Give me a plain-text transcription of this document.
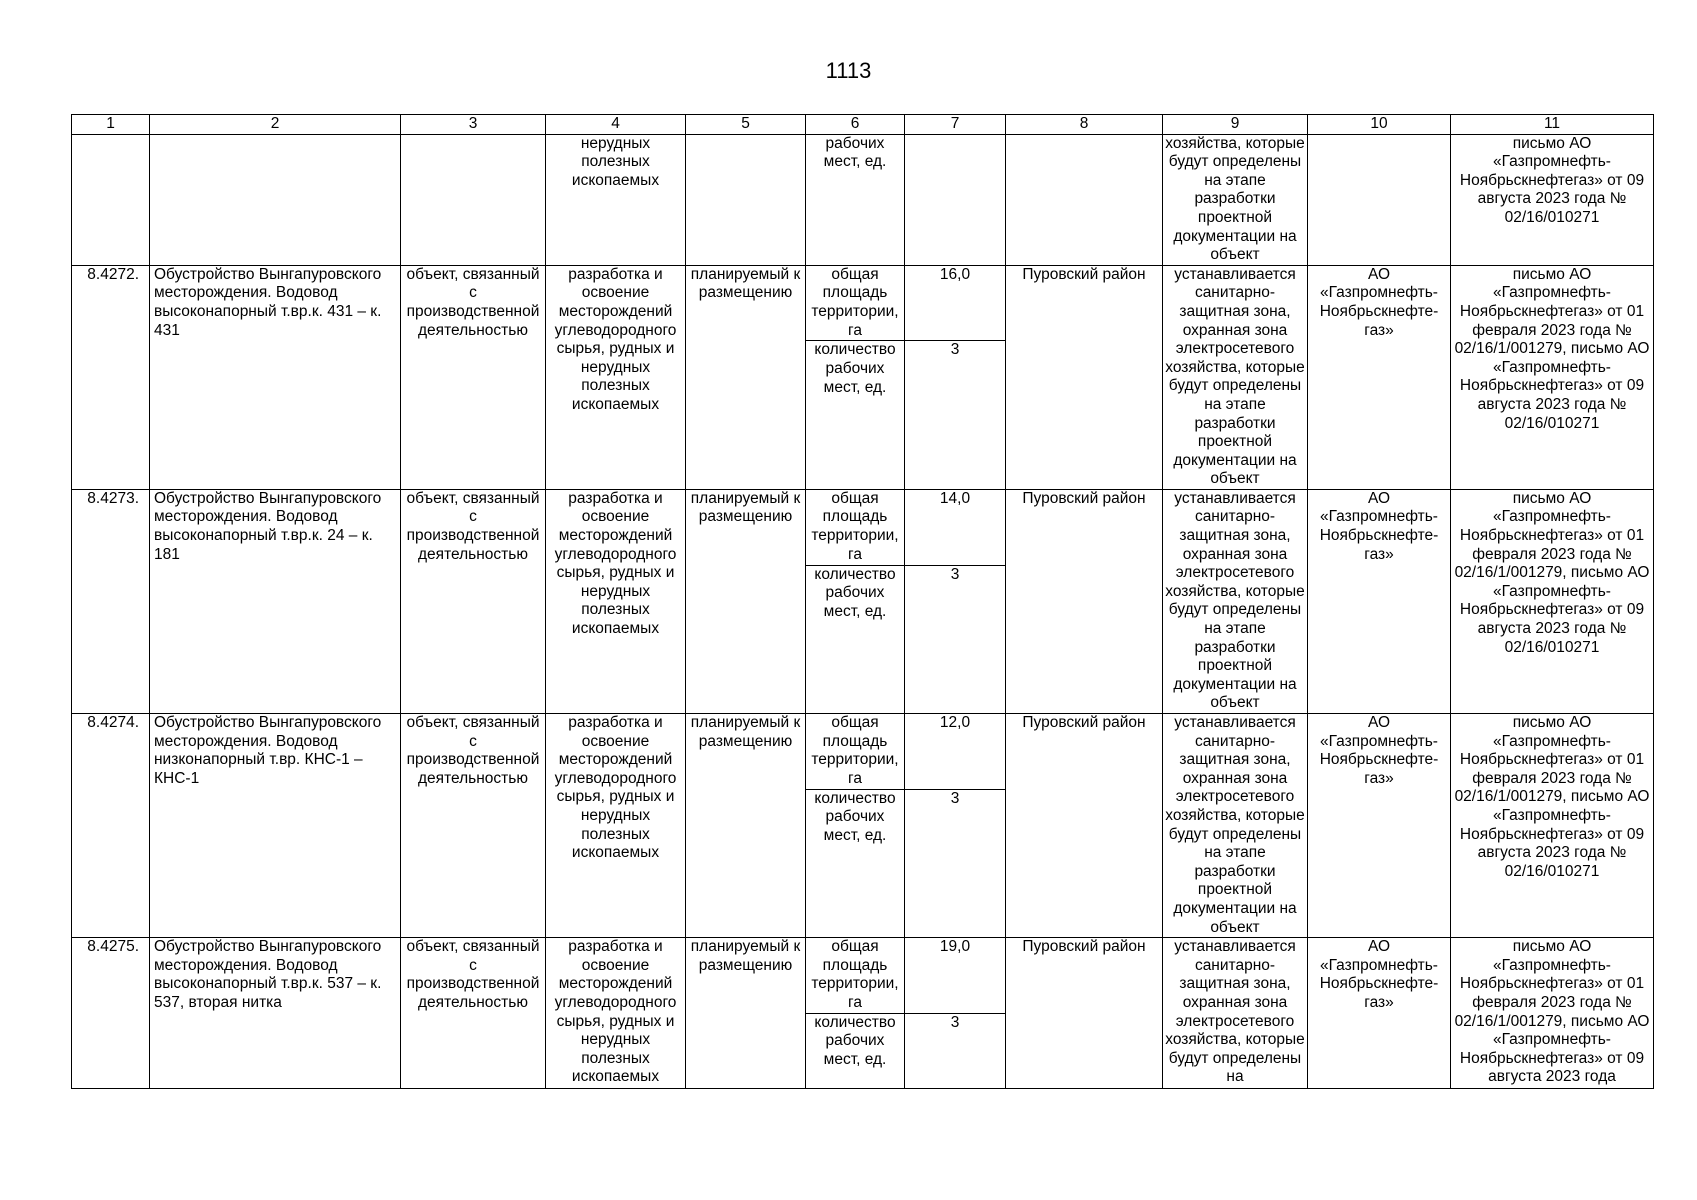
1113
1	2	3	4	5	6	7	8	9	10	11
			нерудных полезных ископаемых		рабочих мест, ед.			хозяйства, которые будут определены на этапе разработки проектной документации на объект		письмо АО «Газпромнефть-Ноябрьскнефтегаз» от 09 августа 2023 года № 02/16/010271
8.4272.	Обустройство Вынгапуровского месторождения. Водовод высоконапорный т.вр.к. 431 – к. 431	объект, связанный с производственной деятельностью	разработка и освоение месторождений углеводородного сырья, рудных и нерудных полезных ископаемых	планируемый к размещению	общая площадь территории, га	16,0	Пуровский район	устанавливается санитарно-защитная зона, охранная зона электросетевого хозяйства, которые будут определены на этапе разработки проектной документации на объект	АО «Газпромнефть-Ноябрьскнефте-газ»	письмо АО «Газпромнефть-Ноябрьскнефтегаз» от 01 февраля 2023 года № 02/16/1/001279, письмо АО «Газпромнефть-Ноябрьскнефтегаз» от 09 августа 2023 года № 02/16/010271
					количество рабочих мест, ед.	3				
8.4273.	Обустройство Вынгапуровского месторождения. Водовод высоконапорный т.вр.к. 24 – к. 181	объект, связанный с производственной деятельностью	разработка и освоение месторождений углеводородного сырья, рудных и нерудных полезных ископаемых	планируемый к размещению	общая площадь территории, га	14,0	Пуровский район	устанавливается санитарно-защитная зона, охранная зона электросетевого хозяйства, которые будут определены на этапе разработки проектной документации на объект	АО «Газпромнефть-Ноябрьскнефте-газ»	письмо АО «Газпромнефть-Ноябрьскнефтегаз» от 01 февраля 2023 года № 02/16/1/001279, письмо АО «Газпромнефть-Ноябрьскнефтегаз» от 09 августа 2023 года № 02/16/010271
					количество рабочих мест, ед.	3				
8.4274.	Обустройство Вынгапуровского месторождения. Водовод низконапорный т.вр. КНС-1 – КНС-1	объект, связанный с производственной деятельностью	разработка и освоение месторождений углеводородного сырья, рудных и нерудных полезных ископаемых	планируемый к размещению	общая площадь территории, га	12,0	Пуровский район	устанавливается санитарно-защитная зона, охранная зона электросетевого хозяйства, которые будут определены на этапе разработки проектной документации на объект	АО «Газпромнефть-Ноябрьскнефте-газ»	письмо АО «Газпромнефть-Ноябрьскнефтегаз» от 01 февраля 2023 года № 02/16/1/001279, письмо АО «Газпромнефть-Ноябрьскнефтегаз» от 09 августа 2023 года № 02/16/010271
					количество рабочих мест, ед.	3				
8.4275.	Обустройство Вынгапуровского месторождения. Водовод высоконапорный т.вр.к. 537 – к. 537, вторая нитка	объект, связанный с производственной деятельностью	разработка и освоение месторождений углеводородного сырья, рудных и нерудных полезных ископаемых	планируемый к размещению	общая площадь территории, га	19,0	Пуровский район	устанавливается санитарно-защитная зона, охранная зона электросетевого хозяйства, которые будут определены на	АО «Газпромнефть-Ноябрьскнефте-газ»	письмо АО «Газпромнефть-Ноябрьскнефтегаз» от 01 февраля 2023 года № 02/16/1/001279, письмо АО «Газпромнефть-Ноябрьскнефтегаз» от 09 августа 2023 года
					количество рабочих мест, ед.	3				
